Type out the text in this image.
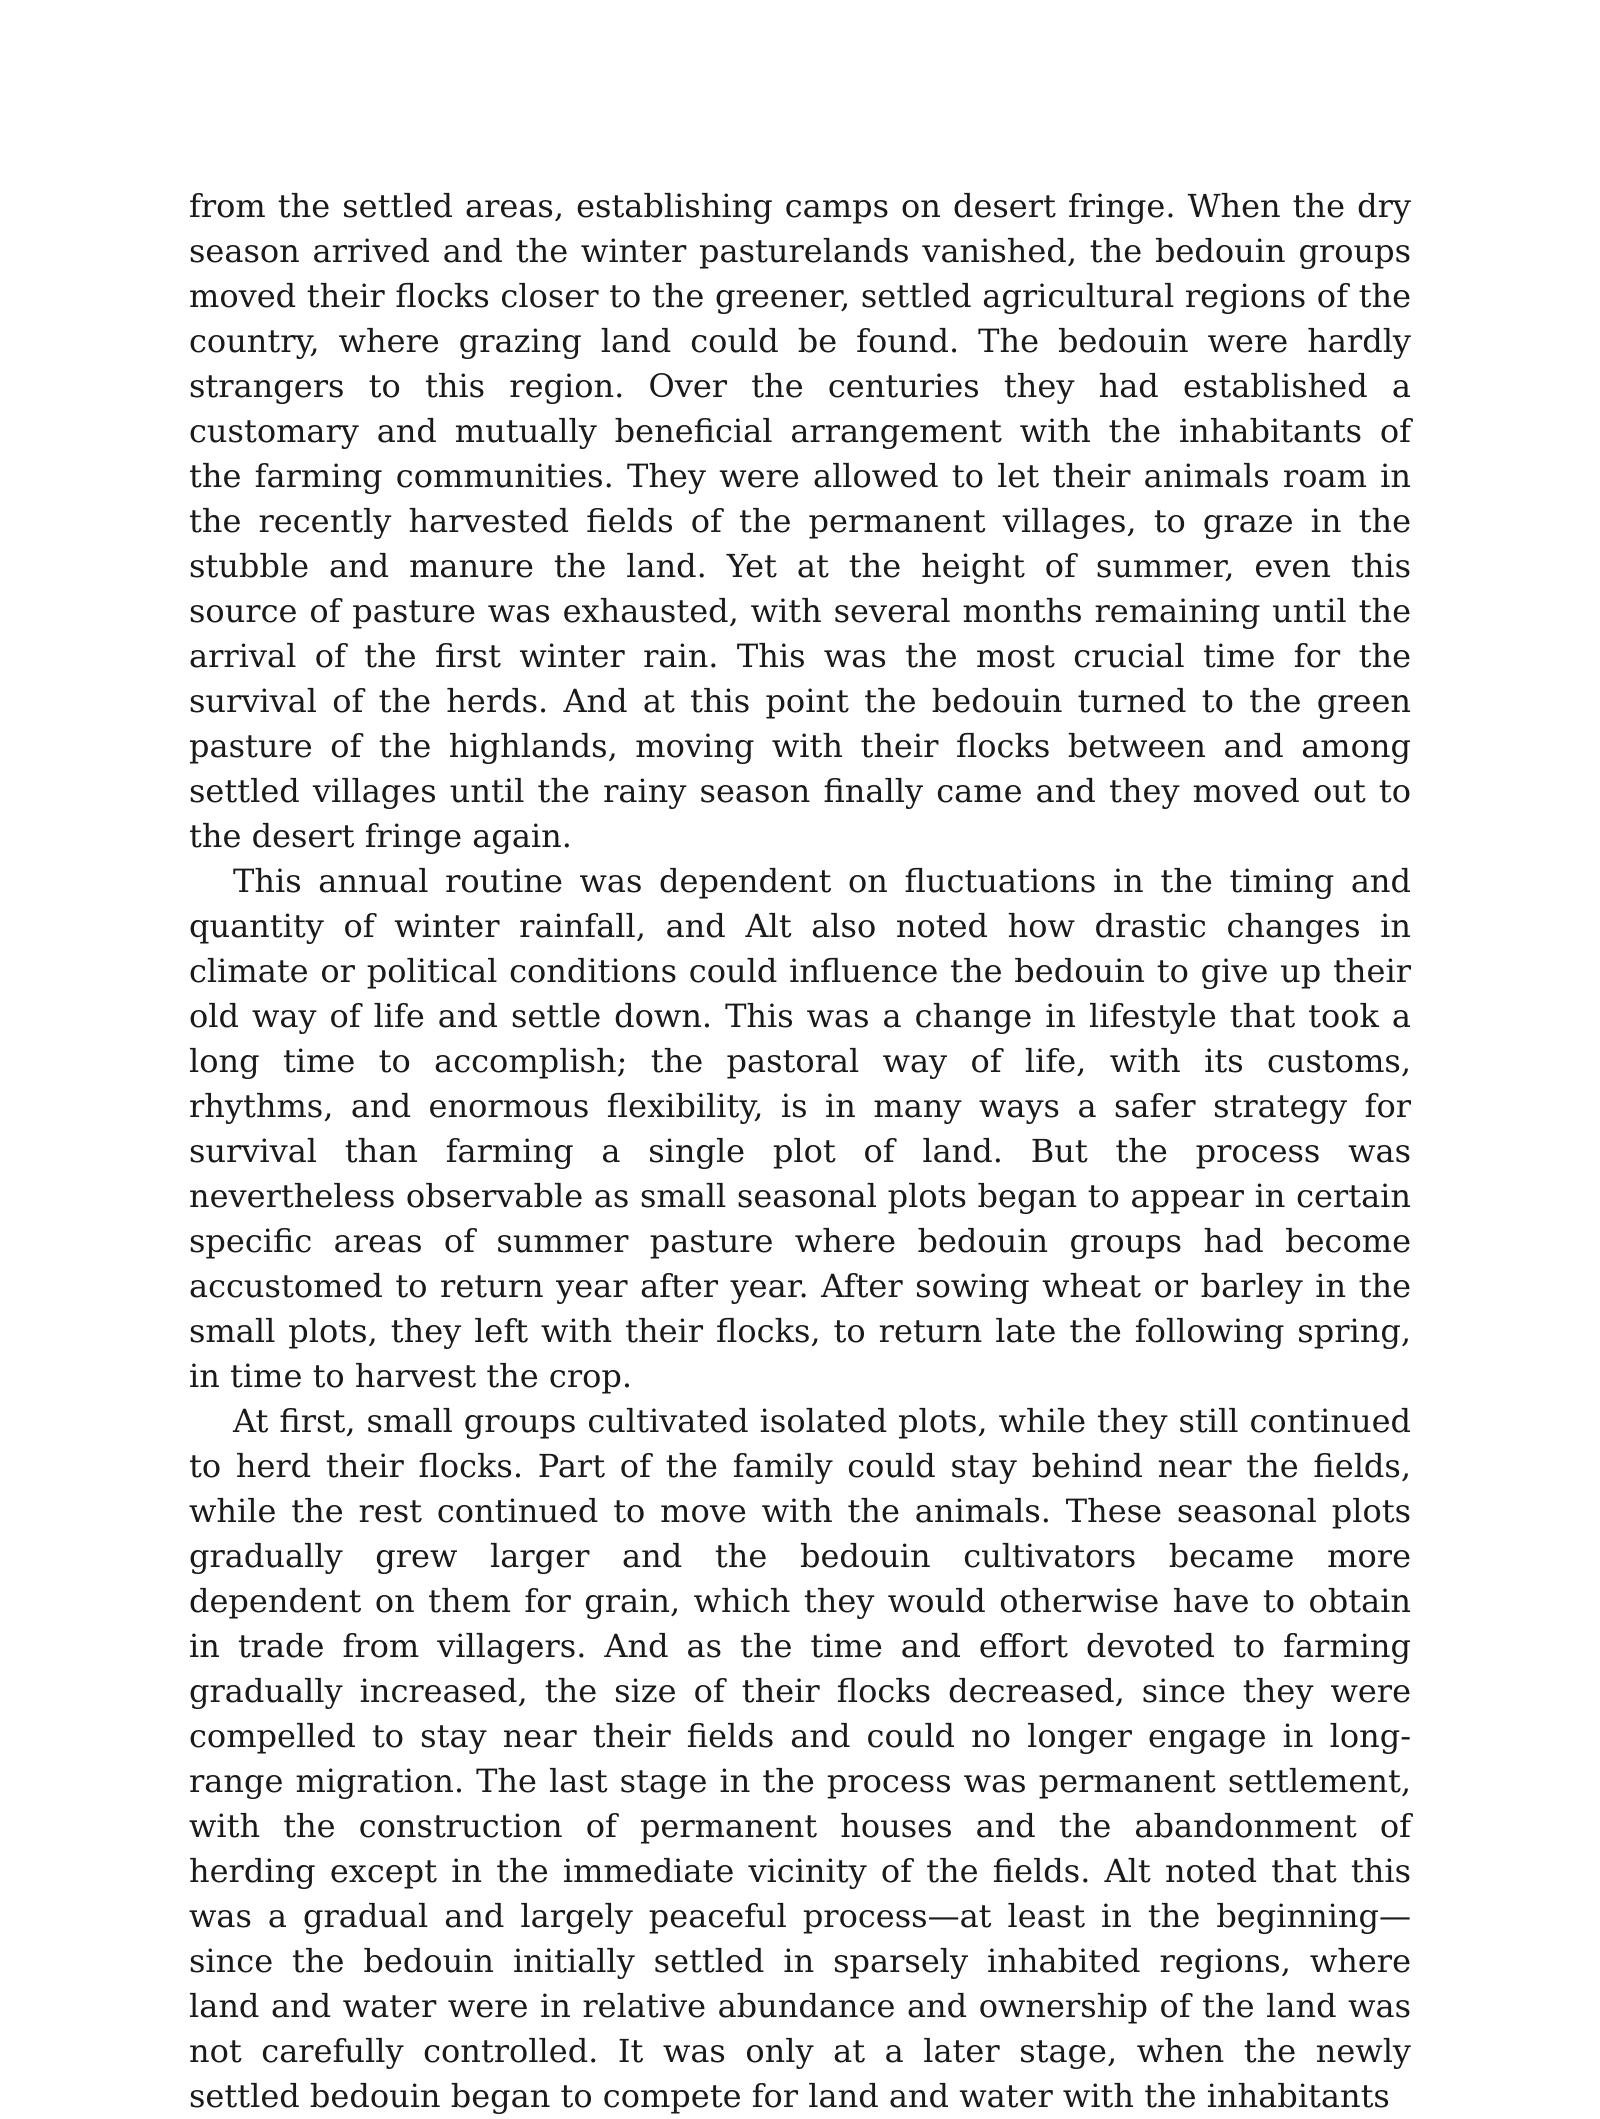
from the settled areas, establishing camps on desert fringe. When the dry season arrived and the winter pasturelands vanished, the bedouin groups moved their flocks closer to the greener, settled agricultural regions of the country, where grazing land could be found. The bedouin were hardly strangers to this region. Over the centuries they had established a customary and mutually beneficial arrangement with the inhabitants of the farming communities. They were allowed to let their animals roam in the recently harvested fields of the permanent villages, to graze in the stubble and manure the land. Yet at the height of summer, even this source of pasture was exhausted, with several months remaining until the arrival of the first winter rain. This was the most crucial time for the survival of the herds. And at this point the bedouin turned to the green pasture of the highlands, moving with their flocks between and among settled villages until the rainy season finally came and they moved out to the desert fringe again.

This annual routine was dependent on fluctuations in the timing and quantity of winter rainfall, and Alt also noted how drastic changes in climate or political conditions could influence the bedouin to give up their old way of life and settle down. This was a change in lifestyle that took a long time to accomplish; the pastoral way of life, with its customs, rhythms, and enormous flexibility, is in many ways a safer strategy for survival than farming a single plot of land. But the process was nevertheless observable as small seasonal plots began to appear in certain specific areas of summer pasture where bedouin groups had become accustomed to return year after year. After sowing wheat or barley in the small plots, they left with their flocks, to return late the following spring, in time to harvest the crop.

At first, small groups cultivated isolated plots, while they still continued to herd their flocks. Part of the family could stay behind near the fields, while the rest continued to move with the animals. These seasonal plots gradually grew larger and the bedouin cultivators became more dependent on them for grain, which they would otherwise have to obtain in trade from villagers. And as the time and effort devoted to farming gradually increased, the size of their flocks decreased, since they were compelled to stay near their fields and could no longer engage in long-range migration. The last stage in the process was permanent settlement, with the construction of permanent houses and the abandonment of herding except in the immediate vicinity of the fields. Alt noted that this was a gradual and largely peaceful process—at least in the beginning—since the bedouin initially settled in sparsely inhabited regions, where land and water were in relative abundance and ownership of the land was not carefully controlled. It was only at a later stage, when the newly settled bedouin began to compete for land and water with the inhabitants
